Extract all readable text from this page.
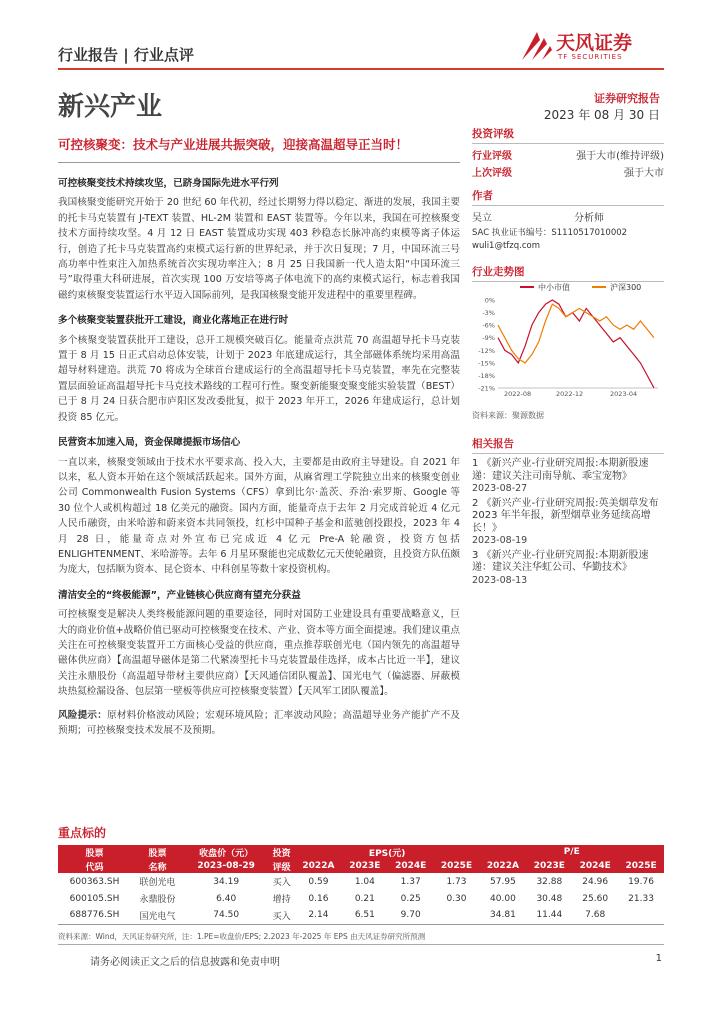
行业报告 | 行业点评
天风证券
TF SECURITIES
新兴产业	证券研究报告
2023 年 08 月 30 日
可控核聚变：技术与产业进展共振突破，迎接高温超导正当时！
可控核聚变技术持续攻坚，已跻身国际先进水平行列
我国核聚变能研究开始于 20 世纪 60 年代初，经过长期努力得以稳定、渐进的发展，我国主要的托卡马克装置有 J-TEXT 装置、HL-2M 装置和 EAST 装置等。今年以来，我国在可控核聚变技术方面持续攻坚。4 月 12 日 EAST 装置成功实现 403 秒稳态长脉冲高约束模等离子体运行，创造了托卡马克装置高约束模式运行新的世界纪录，并于次日复现；7 月，中国环流三号高功率中性束注入加热系统首次实现功率注入；8 月 25 日我国新一代人造太阳“中国环流三号”取得重大科研进展，首次实现 100 万安培等离子体电流下的高约束模式运行，标志着我国磁约束核聚变装置运行水平迈入国际前列，是我国核聚变能开发进程中的重要里程碑。
多个核聚变装置获批开工建设，商业化落地正在进行时
多个核聚变装置获批开工建设，总开工规模突破百亿。能量奇点洪荒 70 高温超导托卡马克装置于 8 月 15 日正式启动总体安装，计划于 2023 年底建成运行，其全部磁体系统均采用高温超导材料建造。洪荒 70 将成为全球首台建成运行的全高温超导托卡马克装置，率先在完整装置层面验证高温超导托卡马克技术路线的工程可行性。聚变新能聚变聚变能实验装置（BEST）已于 8 月 24 日获合肥市庐阳区发改委批复，拟于 2023 年开工，2026 年建成运行，总计划投资 85 亿元。
民营资本加速入局，资金保障提振市场信心
一直以来，核聚变领域由于技术水平要求高、投入大，主要都是由政府主导建设。自 2021 年以来，私人资本开始在这个领域活跃起来。国外方面，从麻省理工学院独立出来的核聚变创业公司 Commonwealth Fusion Systems（CFS）拿到比尔·盖茨、乔治·索罗斯、Google 等 30 位个人或机构超过 18 亿美元的融资。国内方面，能量奇点于去年 2 月完成首轮近 4 亿元人民币融资，由米哈游和蔚来资本共同领投，红杉中国种子基金和蓝驰创投跟投，2023 年 4 月 28 日，能量奇点对外宣布已完成近 4 亿元 Pre-A 轮融资，投资方包括 ENLIGHTENMENT、米哈游等。去年 6 月星环聚能也完成数亿元天使轮融资，且投资方队伍颇为庞大，包括顺为资本、昆仑资本、中科创星等数十家投资机构。
清洁安全的“终极能源”，产业链核心供应商有望充分获益
可控核聚变是解决人类终极能源问题的重要途径，同时对国防工业建设具有重要战略意义，巨大的商业价值+战略价值已驱动可控核聚变在技术、产业、资本等方面全面提速。我们建议重点关注在可控核聚变装置开工方面核心受益的供应商，重点推荐联创光电（国内领先的高温超导磁体供应商）【高温超导磁体是第二代紧凑型托卡马克装置最佳选择，成本占比近一半】，建议关注永鼎股份（高温超导带材主要供应商）【天风通信团队覆盖】、国光电气（偏滤器、屏蔽模块热氦检漏设备、包层第一壁板等供应可控核聚变装置）【天风军工团队覆盖】。
风险提示：原材料价格波动风险；宏观环境风险；汇率波动风险；高温超导业务产能扩产不及预期；可控核聚变技术发展不及预期。
投资评级
行业评级	强于大市(维持评级)
上次评级	强于大市
作者
吴立	分析师
SAC 执业证书编号：S1110517010002
wuli1@tfzq.com
行业走势图
中小市值	沪深300
0%
-3%
-6%
-9%
-12%
-15%
-18%
-21%
2022-08	2022-12	2023-04
资料来源：聚源数据
相关报告
1 《新兴产业-行业研究周报:本期新股速递：建议关注司南导航、乖宝宠物》
2023-08-27
2 《新兴产业-行业研究周报:英美烟草发布 2023 年半年报，新型烟草业务延续高增长！》
2023-08-19
3 《新兴产业-行业研究周报:本期新股速递：建议关注华虹公司、华勤技术》
2023-08-13
重点标的
股票	股票	收盘价（元）	投资	EPS(元)				P/E			
代码	名称	2023-08-29	评级	2022A	2023E	2024E	2025E	2022A	2023E	2024E	2025E
600363.SH	联创光电	34.19	买入	0.59	1.04	1.37	1.73	57.95	32.88	24.96	19.76
600105.SH	永鼎股份	6.40	增持	0.16	0.21	0.25	0.30	40.00	30.48	25.60	21.33
688776.SH	国光电气	74.50	买入	2.14	6.51	9.70		34.81	11.44	7.68	
资料来源：Wind，天风证券研究所，注：1.PE=收盘价/EPS; 2.2023 年-2025 年 EPS 由天风证券研究所预测
请务必阅读正文之后的信息披露和免责申明	1
